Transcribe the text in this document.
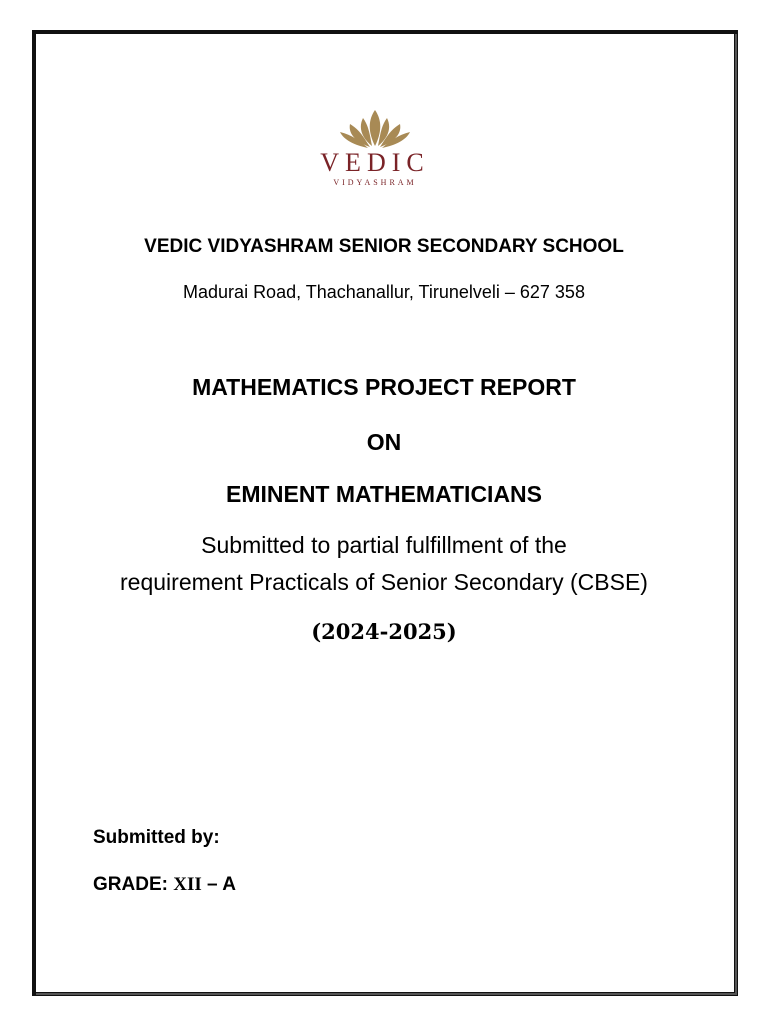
VEDIC
VIDYASHRAM
VEDIC VIDYASHRAM SENIOR SECONDARY SCHOOL
Madurai Road, Thachanallur, Tirunelveli – 627 358
MATHEMATICS PROJECT REPORT
ON
EMINENT MATHEMATICIANS
Submitted to partial fulfillment of the
requirement Practicals of Senior Secondary (CBSE)
(2024-2025)
Submitted by:
GRADE: XII – A
